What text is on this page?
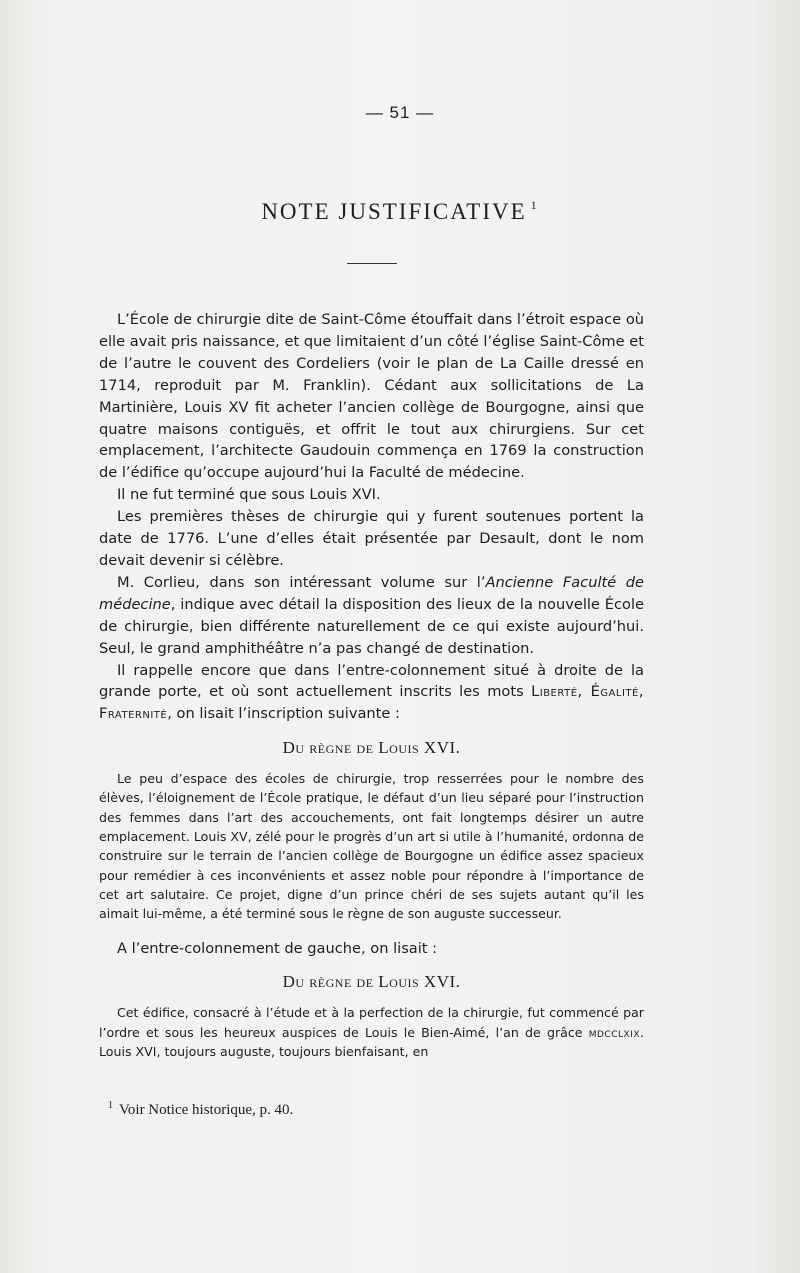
— 51 —
NOTE JUSTIFICATIVE $^1$

L’École de chirurgie dite de Saint-Côme étouffait dans l’étroit espace où elle avait pris naissance, et que limitaient d’un côté l’église Saint-Côme et de l’autre le couvent des Cordeliers (voir le plan de La Caille dressé en 1714, reproduit par M. Franklin). Cédant aux sollicitations de La Martinière, Louis XV fit acheter l’ancien collège de Bourgogne, ainsi que quatre maisons contiguës, et offrit le tout aux chirurgiens. Sur cet emplacement, l’architecte Gaudouin commença en 1769 la construction de l’édifice qu’occupe aujourd’hui la Faculté de médecine.

Il ne fut terminé que sous Louis XVI.

Les premières thèses de chirurgie qui y furent soutenues portent la date de 1776. L’une d’elles était présentée par Desault, dont le nom devait devenir si célèbre.

M. Corlieu, dans son intéressant volume sur l’Ancienne Faculté de médecine, indique avec détail la disposition des lieux de la nouvelle École de chirurgie, bien différente naturellement de ce qui existe aujourd’hui. Seul, le grand amphithéâtre n’a pas changé de destination.

Il rappelle encore que dans l’entre-colonnement situé à droite de la grande porte, et où sont actuellement inscrits les mots Liberté, Égalité, Fraternité, on lisait l’inscription suivante :

Du règne de Louis XVI.

Le peu d’espace des écoles de chirurgie, trop resserrées pour le nombre des élèves, l’éloignement de l’École pratique, le défaut d’un lieu séparé pour l’instruction des femmes dans l’art des accouchements, ont fait longtemps désirer un autre emplacement. Louis XV, zélé pour le progrès d’un art si utile à l’humanité, ordonna de construire sur le terrain de l’ancien collège de Bourgogne un édifice assez spacieux pour remédier à ces inconvénients et assez noble pour répondre à l’importance de cet art salutaire. Ce projet, digne d’un prince chéri de ses sujets autant qu’il les aimait lui-même, a été terminé sous le règne de son auguste successeur.

A l’entre-colonnement de gauche, on lisait :

Du règne de Louis XVI.

Cet édifice, consacré à l’étude et à la perfection de la chirurgie, fut commencé par l’ordre et sous les heureux auspices de Louis le Bien-Aimé, l’an de grâce mdcclxix. Louis XVI, toujours auguste, toujours bienfaisant, en

$^1$ Voir Notice historique, p. 40.
